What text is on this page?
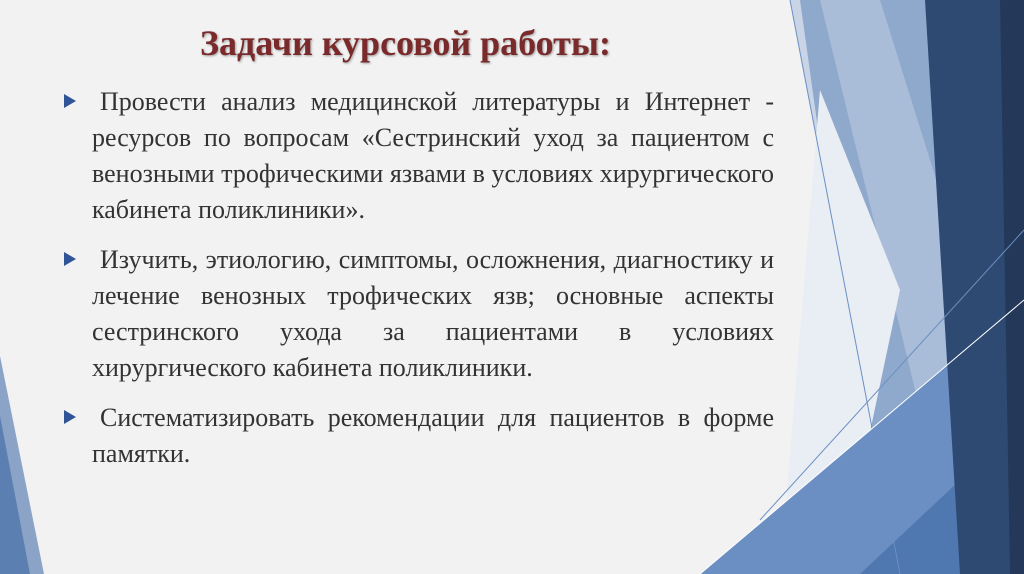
Задачи курсовой работы:
Провести анализ медицинской литературы и Интернет - ресурсов по вопросам «Сестринский уход за пациентом с венозными трофическими язвами в условиях хирургического кабинета поликлиники».
Изучить, этиологию, симптомы, осложнения, диагностику и лечение венозных трофических язв; основные аспекты сестринского ухода за пациентами в условиях хирургического кабинета поликлиники.
Систематизировать рекомендации для пациентов в форме памятки.
